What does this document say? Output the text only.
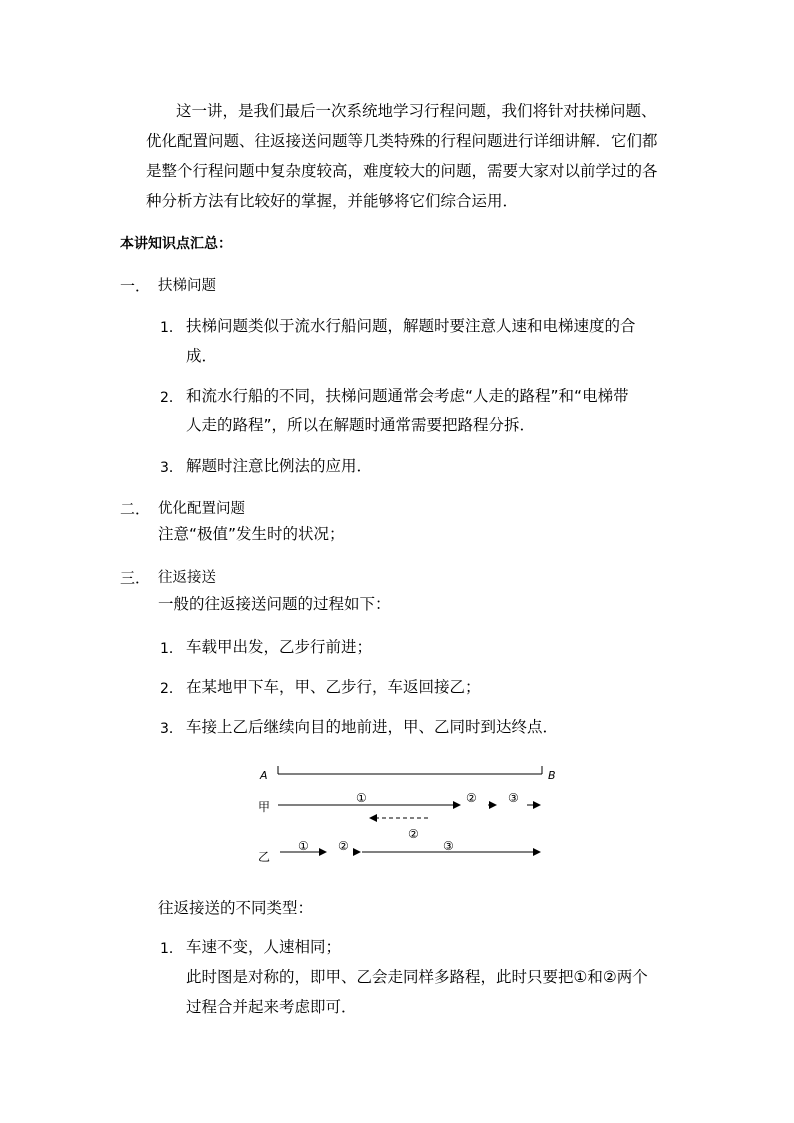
这一讲，是我们最后一次系统地学习行程问题，我们将针对扶梯问题、
优化配置问题、往返接送问题等几类特殊的行程问题进行详细讲解．它们都
是整个行程问题中复杂度较高，难度较大的问题，需要大家对以前学过的各
种分析方法有比较好的掌握，并能够将它们综合运用．
本讲知识点汇总：
一． 扶梯问题
1． 扶梯问题类似于流水行船问题，解题时要注意人速和电梯速度的合
成．
2． 和流水行船的不同，扶梯问题通常会考虑“人走的路程”和“电梯带
人走的路程”，所以在解题时通常需要把路程分拆．
3． 解题时注意比例法的应用．
二． 优化配置问题
注意“极值”发生时的状况；
三． 往返接送
一般的往返接送问题的过程如下：
1． 车载甲出发，乙步行前进；
2． 在某地甲下车，甲、乙步行，车返回接乙；
3． 车接上乙后继续向目的地前进，甲、乙同时到达终点．
A	B
甲
①	②	③
②
乙
① ②	③
往返接送的不同类型：
1． 车速不变，人速相同；
此时图是对称的，即甲、乙会走同样多路程，此时只要把①和②两个
过程合并起来考虑即可．
